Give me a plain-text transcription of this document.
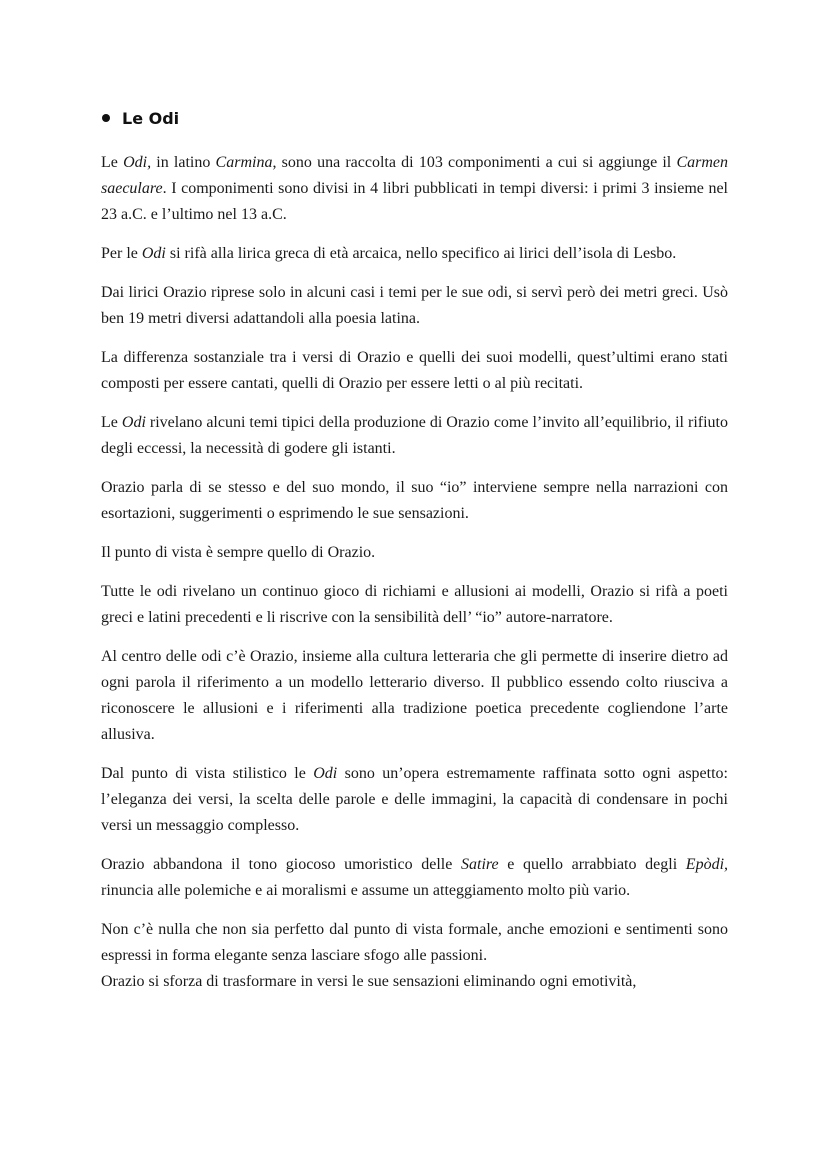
Le Odi

Le Odi, in latino Carmina, sono una raccolta di 103 componimenti a cui si aggiunge il Carmen saeculare. I componimenti sono divisi in 4 libri pubblicati in tempi diversi: i primi 3 insieme nel 23 a.C. e l’ultimo nel 13 a.C.

Per le Odi si rifà alla lirica greca di età arcaica, nello specifico ai lirici dell’isola di Lesbo.

Dai lirici Orazio riprese solo in alcuni casi i temi per le sue odi, si servì però dei metri greci. Usò ben 19 metri diversi adattandoli alla poesia latina.

La differenza sostanziale tra i versi di Orazio e quelli dei suoi modelli, quest’ultimi erano stati composti per essere cantati, quelli di Orazio per essere letti o al più recitati.

Le Odi rivelano alcuni temi tipici della produzione di Orazio come l’invito all’equilibrio, il rifiuto degli eccessi, la necessità di godere gli istanti.

Orazio parla di se stesso e del suo mondo, il suo “io” interviene sempre nella narrazioni con esortazioni, suggerimenti o esprimendo le sue sensazioni.

Il punto di vista è sempre quello di Orazio.

Tutte le odi rivelano un continuo gioco di richiami e allusioni ai modelli, Orazio si rifà a poeti greci e latini precedenti e li riscrive con la sensibilità dell’ “io” autore-narratore.

Al centro delle odi c’è Orazio, insieme alla cultura letteraria che gli permette di inserire dietro ad ogni parola il riferimento a un modello letterario diverso. Il pubblico essendo colto riusciva a riconoscere le allusioni e i riferimenti alla tradizione poetica precedente cogliendone l’arte allusiva.

Dal punto di vista stilistico le Odi sono un’opera estremamente raffinata sotto ogni aspetto: l’eleganza dei versi, la scelta delle parole e delle immagini, la capacità di condensare in pochi versi un messaggio complesso.

Orazio abbandona il tono giocoso umoristico delle Satire e quello arrabbiato degli Epòdi, rinuncia alle polemiche e ai moralismi e assume un atteggiamento molto più vario.

Non c’è nulla che non sia perfetto dal punto di vista formale, anche emozioni e sentimenti sono espressi in forma elegante senza lasciare sfogo alle passioni.

Orazio si sforza di trasformare in versi le sue sensazioni eliminando ogni emotività,
